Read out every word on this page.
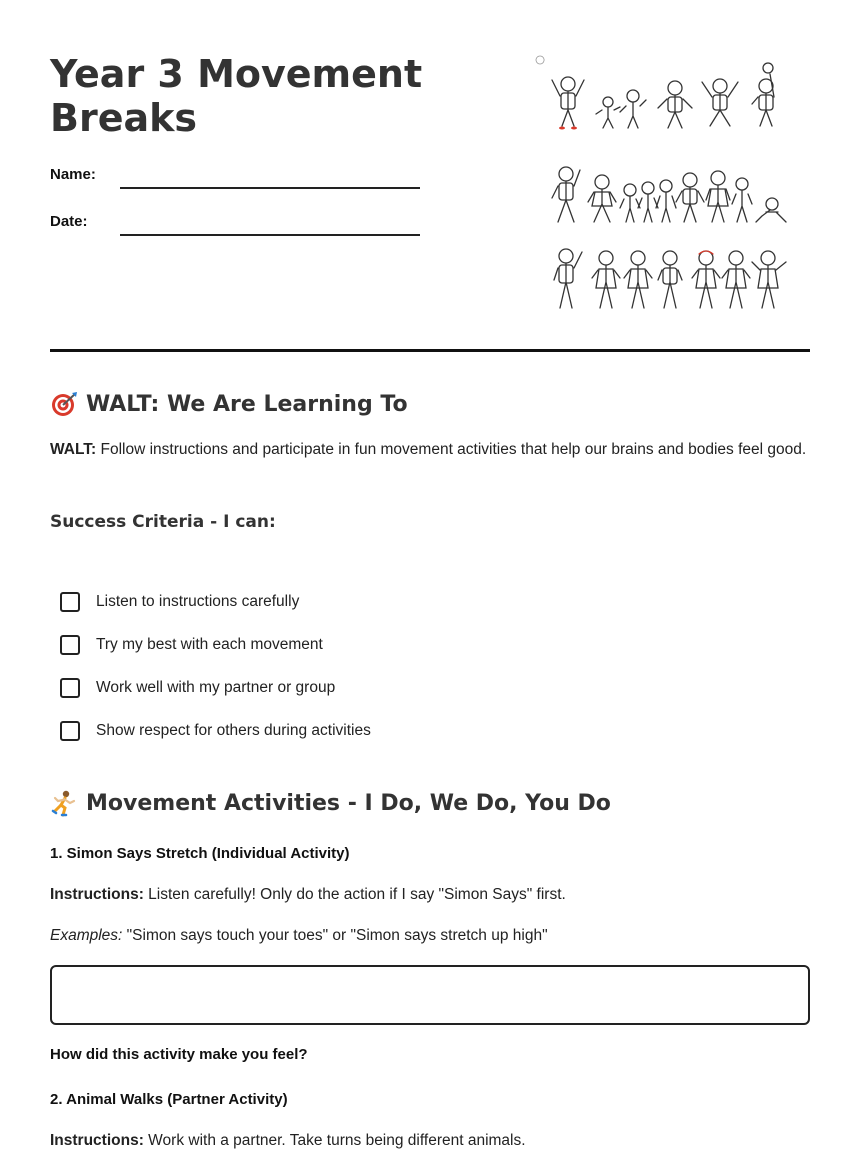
Year 3 Movement Breaks
Name:
Date:
WALT: We Are Learning To

WALT: Follow instructions and participate in fun movement activities that help our brains and bodies feel good.

Success Criteria - I can:
Listen to instructions carefully
Try my best with each movement
Work well with my partner or group
Show respect for others during activities
Movement Activities - I Do, We Do, You Do
1. Simon Says Stretch (Individual Activity)

Instructions: Listen carefully! Only do the action if I say "Simon Says" first.

Examples: "Simon says touch your toes" or "Simon says stretch up high"

How did this activity make you feel?
2. Animal Walks (Partner Activity)

Instructions: Work with a partner. Take turns being different animals.
